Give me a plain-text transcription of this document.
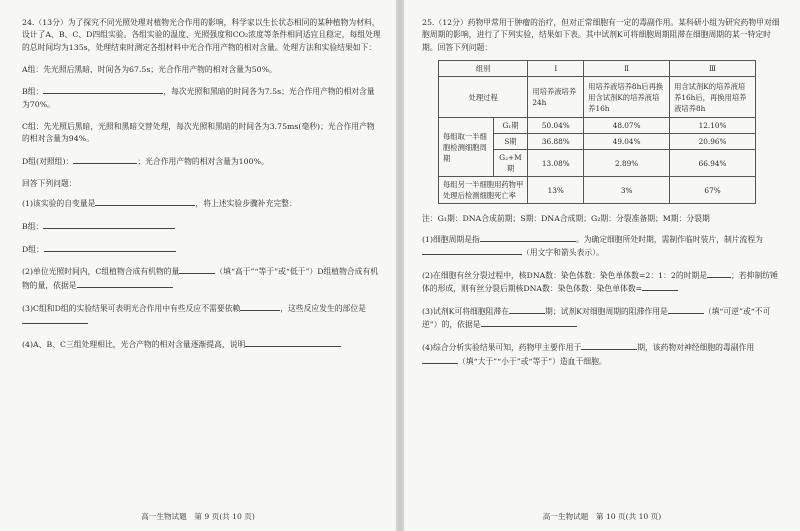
24.（13分）为了探究不同光照处理对植物光合作用的影响，科学家以生长状态相同的某种植物为材料，设计了A、B、C、D四组实验。各组实验的温度、光照强度和CO₂浓度等条件相同适宜且稳定，每组处理的总时间均为135s，处理结束时测定各组材料中光合作用产物的相对含量。处理方法和实验结果如下：

A组：先光照后黑暗，时间各为67.5s；光合作用产物的相对含量为50%。

B组：	，每次光照和黑暗的时间各为7.5s；光合作用产物的相对含量为70%。

C组：先光照后黑暗，光照和黑暗交替处理，每次光照和黑暗的时间各为3.75ms(毫秒)；光合作用产物的相对含量为94%。

D组(对照组)：	；光合作用产物的相对含量为100%。

回答下列问题：

(1)该实验的自变量是	，将上述实验步骤补充完整：

B组：

D组：

(2)单位光照时间内，C组植物合成有机物的量	（填“高于”“等于”或“低于”）D组植物合成有机物的量，依据是

(3)C组和D组的实验结果可表明光合作用中有些反应不需要依赖	，这些反应发生的部位是

(4)A、B、C三组处理相比，光合产物的相对含量逐渐提高，说明

高一生物试题　第 9 页(共 10 页)

25.（12分）药物甲常用于肿瘤的治疗，但对正常细胞有一定的毒副作用。某科研小组为研究药物甲对细胞周期的影响，进行了下列实验，结果如下表。其中试剂K可将细胞周期阻滞在细胞周期的某一特定时期。回答下列问题：

组别		Ⅰ	Ⅱ	Ⅲ
处理过程		用培养液培养24h	用培养液培养8h后再换用含试剂K的培养液培养16h	用含试剂K的培养液培养16h后，再换用培养液培养8h
每组取一半细胞检测细胞周期	G₁期	50.04%	48.07%	12.10%
	S期	36.88%	49.04%	20.96%
	G₂+M期	13.08%	2.89%	66.94%
每组另一半细胞用药物甲处理后检测细胞死亡率		13%	3%	67%

注：G₁期：DNA合成前期；S期：DNA合成期；G₂期：分裂准备期；M期：分裂期

(1)细胞周期是指	。为确定细胞所处时期，需制作临时装片，制片流程为（用文字和箭头表示）。

(2)在细胞有丝分裂过程中，核DNA数：染色体数：染色单体数=2：1：2的时期是	；若抑制纺锤体的形成，则有丝分裂后期核DNA数：染色体数：染色单体数=

(3)试剂K可将细胞阻滞在	期；试剂K对细胞周期的阻滞作用是	（填“可逆”或“不可逆”）的，依据是

(4)综合分析实验结果可知，药物甲主要作用于	期，该药物对神经细胞的毒副作用（填“大于”“小于”或“等于”）造血干细胞。

高一生物试题　第 10 页(共 10 页)
